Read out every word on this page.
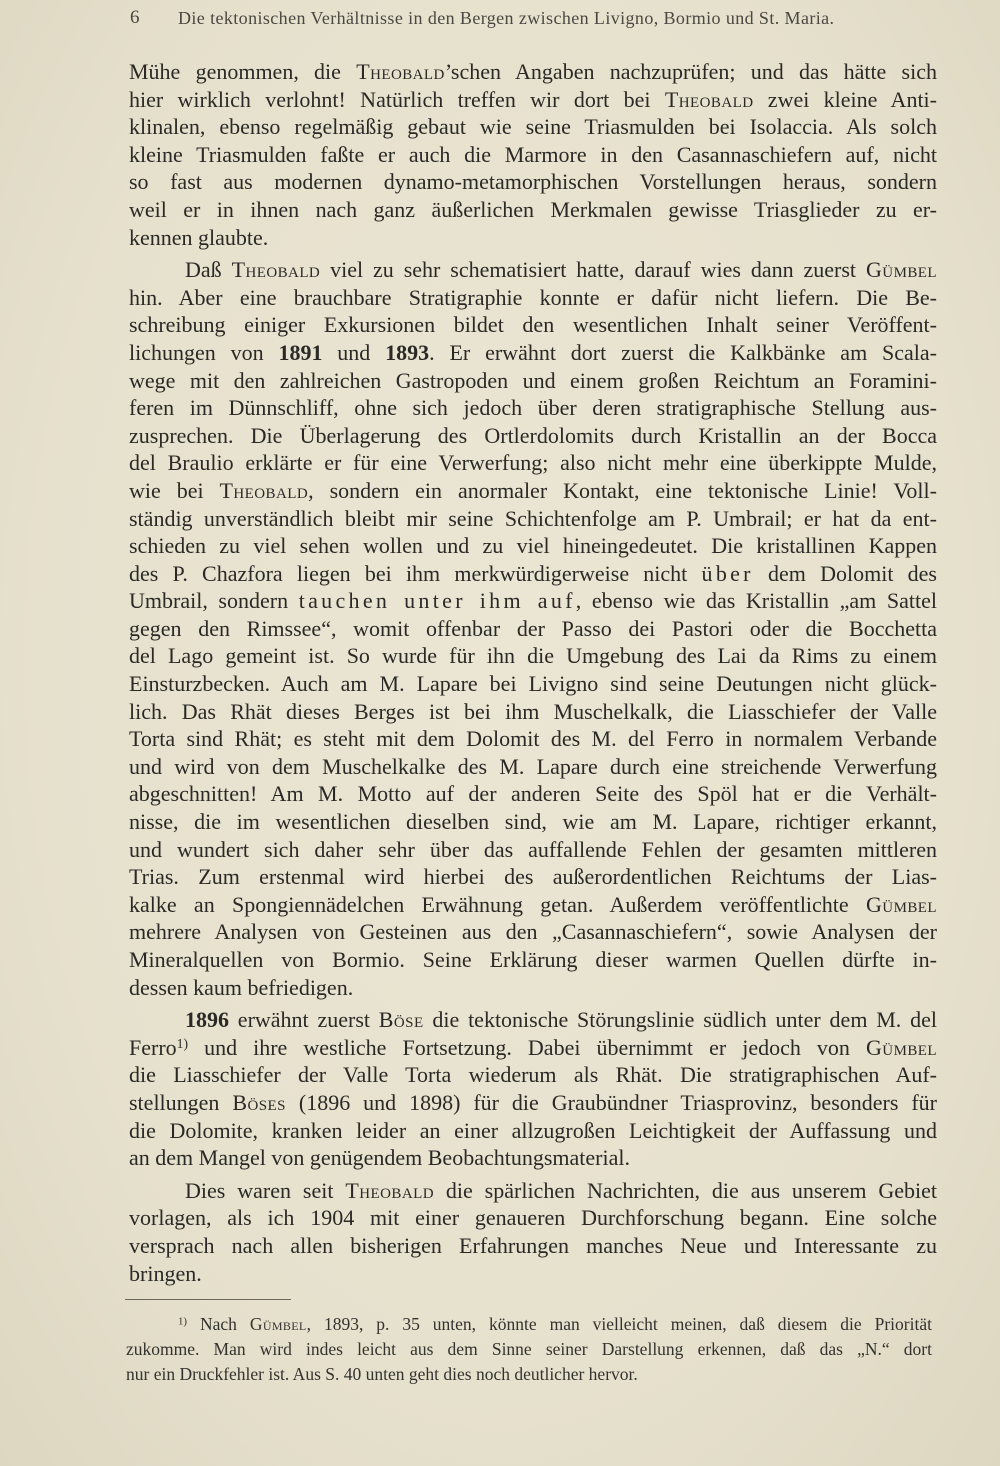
6 Die tektonischen Verhältnisse in den Bergen zwischen Livigno, Bormio und St. Maria.
Mühe genommen, die Theobald’schen Angaben nachzuprüfen; und das hätte sich
hier wirklich verlohnt! Natürlich treffen wir dort bei Theobald zwei kleine Anti-
klinalen, ebenso regelmäßig gebaut wie seine Triasmulden bei Isolaccia. Als solch
kleine Triasmulden faßte er auch die Marmore in den Casannaschiefern auf, nicht
so fast aus modernen dynamo-metamorphischen Vorstellungen heraus, sondern
weil er in ihnen nach ganz äußerlichen Merkmalen gewisse Triasglieder zu er-
kennen glaubte.
Daß Theobald viel zu sehr schematisiert hatte, darauf wies dann zuerst Gümbel
hin. Aber eine brauchbare Stratigraphie konnte er dafür nicht liefern. Die Be-
schreibung einiger Exkursionen bildet den wesentlichen Inhalt seiner Veröffent-
lichungen von 1891 und 1893. Er erwähnt dort zuerst die Kalkbänke am Scala-
wege mit den zahlreichen Gastropoden und einem großen Reichtum an Foramini-
feren im Dünnschliff, ohne sich jedoch über deren stratigraphische Stellung aus-
zusprechen. Die Überlagerung des Ortlerdolomits durch Kristallin an der Bocca
del Braulio erklärte er für eine Verwerfung; also nicht mehr eine überkippte Mulde,
wie bei Theobald, sondern ein anormaler Kontakt, eine tektonische Linie! Voll-
ständig unverständlich bleibt mir seine Schichtenfolge am P. Umbrail; er hat da ent-
schieden zu viel sehen wollen und zu viel hineingedeutet. Die kristallinen Kappen
des P. Chazfora liegen bei ihm merkwürdigerweise nicht über dem Dolomit des
Umbrail, sondern tauchen unter ihm auf, ebenso wie das Kristallin „am Sattel
gegen den Rimssee“, womit offenbar der Passo dei Pastori oder die Bocchetta
del Lago gemeint ist. So wurde für ihn die Umgebung des Lai da Rims zu einem
Einsturzbecken. Auch am M. Lapare bei Livigno sind seine Deutungen nicht glück-
lich. Das Rhät dieses Berges ist bei ihm Muschelkalk, die Liasschiefer der Valle
Torta sind Rhät; es steht mit dem Dolomit des M. del Ferro in normalem Verbande
und wird von dem Muschelkalke des M. Lapare durch eine streichende Verwerfung
abgeschnitten! Am M. Motto auf der anderen Seite des Spöl hat er die Verhält-
nisse, die im wesentlichen dieselben sind, wie am M. Lapare, richtiger erkannt,
und wundert sich daher sehr über das auffallende Fehlen der gesamten mittleren
Trias. Zum erstenmal wird hierbei des außerordentlichen Reichtums der Lias-
kalke an Spongiennädelchen Erwähnung getan. Außerdem veröffentlichte Gümbel
mehrere Analysen von Gesteinen aus den „Casannaschiefern“, sowie Analysen der
Mineralquellen von Bormio. Seine Erklärung dieser warmen Quellen dürfte in-
dessen kaum befriedigen.
1896 erwähnt zuerst Böse die tektonische Störungslinie südlich unter dem M. del
Ferro$^{1)}$ und ihre westliche Fortsetzung. Dabei übernimmt er jedoch von Gümbel
die Liasschiefer der Valle Torta wiederum als Rhät. Die stratigraphischen Auf-
stellungen Böses (1896 und 1898) für die Graubündner Triasprovinz, besonders für
die Dolomite, kranken leider an einer allzugroßen Leichtigkeit der Auffassung und
an dem Mangel von genügendem Beobachtungsmaterial.
Dies waren seit Theobald die spärlichen Nachrichten, die aus unserem Gebiet
vorlagen, als ich 1904 mit einer genaueren Durchforschung begann. Eine solche
versprach nach allen bisherigen Erfahrungen manches Neue und Interessante zu
bringen.
$^{1)}$ Nach Gümbel, 1893, p. 35 unten, könnte man vielleicht meinen, daß diesem die Priorität
zukomme. Man wird indes leicht aus dem Sinne seiner Darstellung erkennen, daß das „N.“ dort
nur ein Druckfehler ist. Aus S. 40 unten geht dies noch deutlicher hervor.
